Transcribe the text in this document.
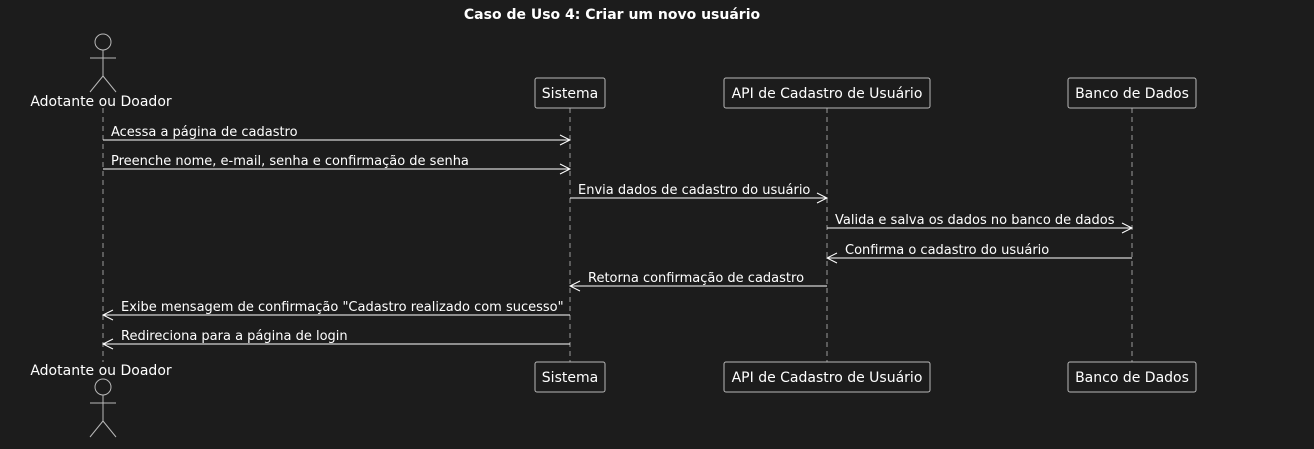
Caso de Uso 4: Criar um novo usuário
Adotante ou Doador
Adotante ou Doador
Sistema
Sistema
API de Cadastro de Usuário
API de Cadastro de Usuário
Banco de Dados
Banco de Dados
Acessa a página de cadastro
Preenche nome, e-mail, senha e confirmação de senha
Envia dados de cadastro do usuário
Valida e salva os dados no banco de dados
Confirma o cadastro do usuário
Retorna confirmação de cadastro
Exibe mensagem de confirmação "Cadastro realizado com sucesso"
Redireciona para a página de login
